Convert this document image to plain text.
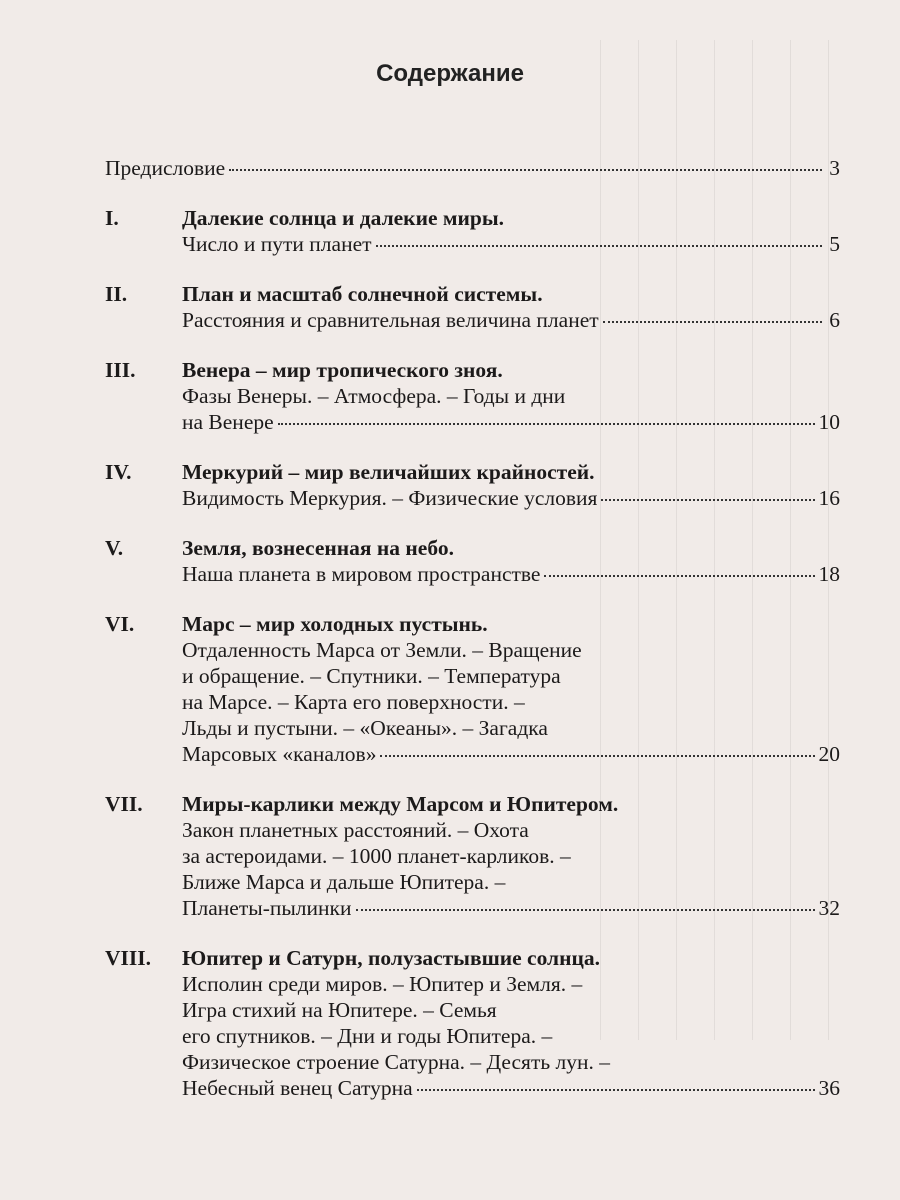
Содержание
Предисловие	3
I.	Далекие солнца и далекие миры.
Число и пути планет	5
II.	План и масштаб солнечной системы.
Расстояния и сравнительная величина планет	6
III. Венера – мир тропического зноя.
Фазы Венеры. – Атмосфера. – Годы и дни
на Венере	10
IV. Меркурий – мир величайших крайностей.
Видимость Меркурия. – Физические условия	16
V.	Земля, вознесенная на небо.
Наша планета в мировом пространстве	18
VI. Марс – мир холодных пустынь.
Отдаленность Марса от Земли. – Вращение
и обращение. – Спутники. – Температура
на Марсе. – Карта его поверхности. –
Льды и пустыни. – «Океаны». – Загадка
Марсовых «каналов»	20
VII. Миры-карлики между Марсом и Юпитером.
Закон планетных расстояний. – Охота
за астероидами. – 1000 планет-карликов. –
Ближе Марса и дальше Юпитера. –
Планеты-пылинки	32
VIII. Юпитер и Сатурн, полузастывшие солнца.
Исполин среди миров. – Юпитер и Земля. –
Игра стихий на Юпитере. – Семья
его спутников. – Дни и годы Юпитера. –
Физическое строение Сатурна. – Десять лун. –
Небесный венец Сатурна	36
